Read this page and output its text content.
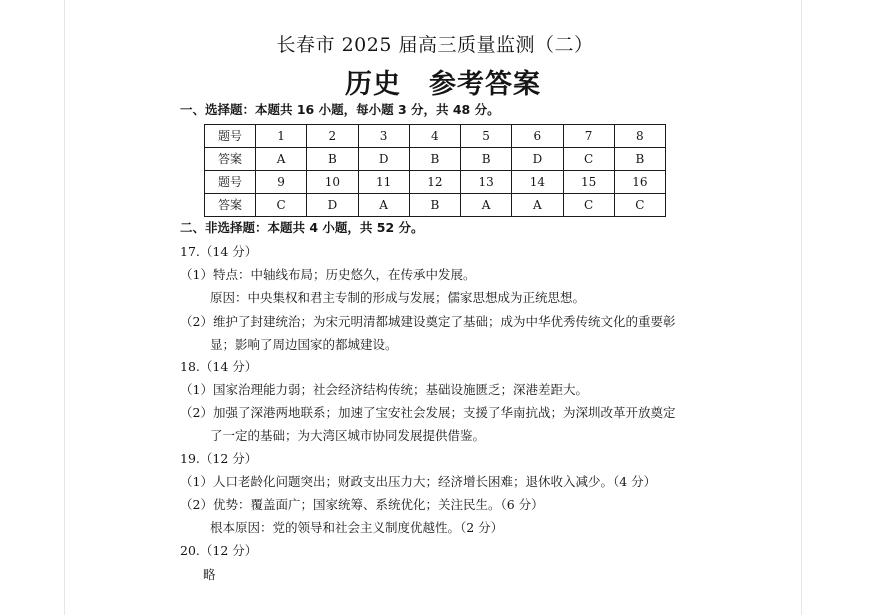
长春市 2025 届高三质量监测（二）
历史　参考答案
一、选择题：本题共 16 小题，每小题 3 分，共 48 分。
题号	1	2	3	4	5	6	7	8
答案	A	B	D	B	B	D	C	B
题号	9	10	11	12	13	14	15	16
答案	C	D	A	B	A	A	C	C
二、非选择题：本题共 4 小题，共 52 分。
17.（14 分）
（1）特点：中轴线布局；历史悠久，在传承中发展。
原因：中央集权和君主专制的形成与发展；儒家思想成为正统思想。
（2）维护了封建统治；为宋元明清都城建设奠定了基础；成为中华优秀传统文化的重要彰
显；影响了周边国家的都城建设。
18.（14 分）
（1）国家治理能力弱；社会经济结构传统；基础设施匮乏；深港差距大。
（2）加强了深港两地联系；加速了宝安社会发展；支援了华南抗战；为深圳改革开放奠定
了一定的基础；为大湾区城市协同发展提供借鉴。
19.（12 分）
（1）人口老龄化问题突出；财政支出压力大；经济增长困难；退休收入减少。（4 分）
（2）优势：覆盖面广；国家统筹、系统优化；关注民生。（6 分）
根本原因：党的领导和社会主义制度优越性。（2 分）
20.（12 分）
略
